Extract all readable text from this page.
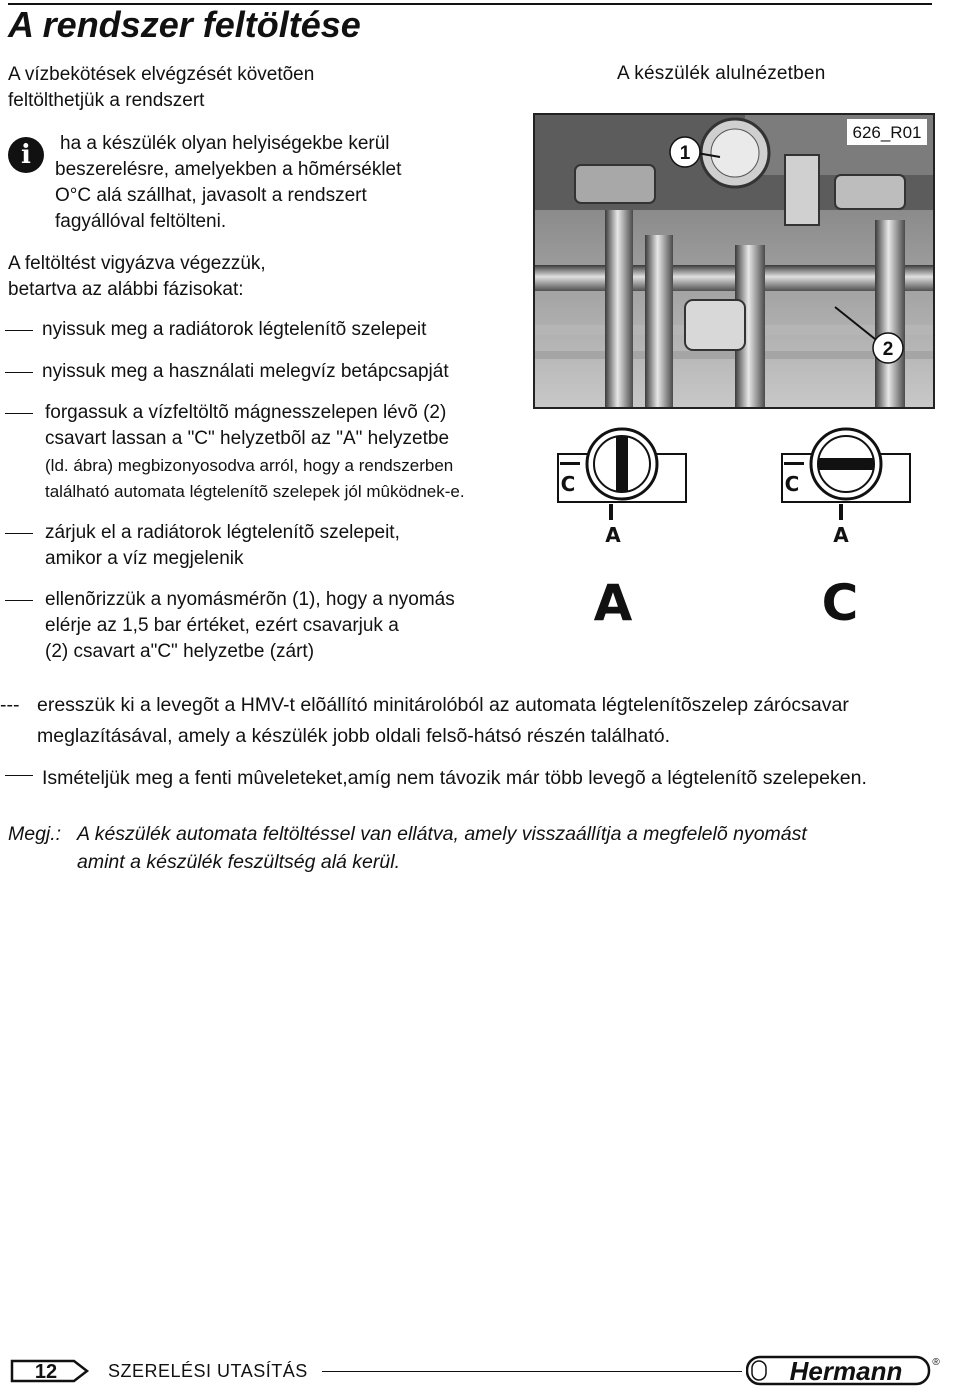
A rendszer feltöltése
A vízbekötések elvégzését követõen
feltölthetjük a rendszert
i	ha a készülék olyan helyiségekbe kerül
beszerelésre, amelyekben a hõmérséklet
O°C alá szállhat, javasolt a rendszert
fagyállóval feltölteni.
A feltöltést vigyázva végezzük,
betartva az alábbi fázisokat:
nyissuk meg a radiátorok légtelenítõ szelepeit
nyissuk meg a használati melegvíz betápcsapját
forgassuk a vízfeltöltõ mágnesszelepen lévõ (2)
csavart lassan a "C" helyzetbõl az "A" helyzetbe
(ld. ábra) megbizonyosodva arról, hogy a rendszerben
található automata légtelenítõ szelepek jól mûködnek-e.
zárjuk el a radiátorok légtelenítõ szelepeit,
amikor a víz megjelenik
ellenõrizzük a nyomásmérõn (1), hogy a nyomás
elérje az 1,5 bar értéket, ezért csavarjuk a
(2) csavart a"C" helyzetbe (zárt)
A készülék alulnézetben
1
2
626_R01
C
A
A
C
A
C
--- eresszük ki a levegõt a HMV-t elõállító minitárolóból az automata légtelenítõszelep zárócsavar
meglazításával, amely a készülék jobb oldali felsõ-hátsó részén található.
Ismételjük meg a fenti mûveleteket,amíg nem távozik már több levegõ a légtelenítõ szelepeken.
Megj.: A készülék automata feltöltéssel van ellátva, amely visszaállítja a megfelelõ nyomást
amint a készülék feszültség alá kerül.
12	SZERELÉSI UTASÍTÁS	Hermann	®
